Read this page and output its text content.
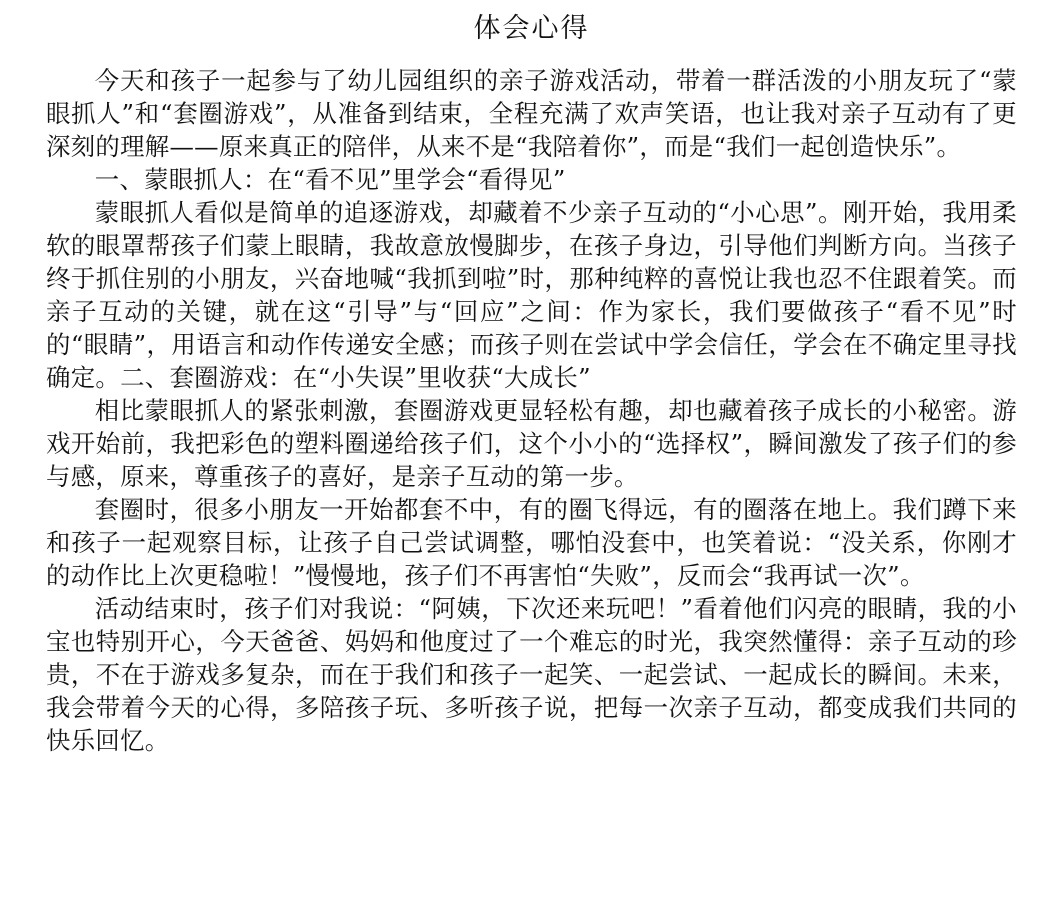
体会心得

今天和孩子一起参与了幼儿园组织的亲子游戏活动，带着一群活泼的小朋友玩了“蒙眼抓人”和“套圈游戏”，从准备到结束，全程充满了欢声笑语，也让我对亲子互动有了更深刻的理解——原来真正的陪伴，从来不是“我陪着你”，而是“我们一起创造快乐”。

一、蒙眼抓人：在“看不见”里学会“看得见”

蒙眼抓人看似是简单的追逐游戏，却藏着不少亲子互动的“小心思”。刚开始，我用柔软的眼罩帮孩子们蒙上眼睛，我故意放慢脚步，在孩子身边，引导他们判断方向。当孩子终于抓住别的小朋友，兴奋地喊“我抓到啦”时，那种纯粹的喜悦让我也忍不住跟着笑。而亲子互动的关键，就在这“引导”与“回应”之间：作为家长，我们要做孩子“看不见”时的“眼睛”，用语言和动作传递安全感；而孩子则在尝试中学会信任，学会在不确定里寻找确定。二、套圈游戏：在“小失误”里收获“大成长”

相比蒙眼抓人的紧张刺激，套圈游戏更显轻松有趣，却也藏着孩子成长的小秘密。游戏开始前，我把彩色的塑料圈递给孩子们，这个小小的“选择权”，瞬间激发了孩子们的参与感，原来，尊重孩子的喜好，是亲子互动的第一步。

套圈时，很多小朋友一开始都套不中，有的圈飞得远，有的圈落在地上。我们蹲下来和孩子一起观察目标，让孩子自己尝试调整，哪怕没套中，也笑着说：“没关系，你刚才的动作比上次更稳啦！”慢慢地，孩子们不再害怕“失败”，反而会“我再试一次”。

活动结束时，孩子们对我说：“阿姨，下次还来玩吧！”看着他们闪亮的眼睛，我的小宝也特别开心，今天爸爸、妈妈和他度过了一个难忘的时光，我突然懂得：亲子互动的珍贵，不在于游戏多复杂，而在于我们和孩子一起笑、一起尝试、一起成长的瞬间。未来，我会带着今天的心得，多陪孩子玩、多听孩子说，把每一次亲子互动，都变成我们共同的快乐回忆。
